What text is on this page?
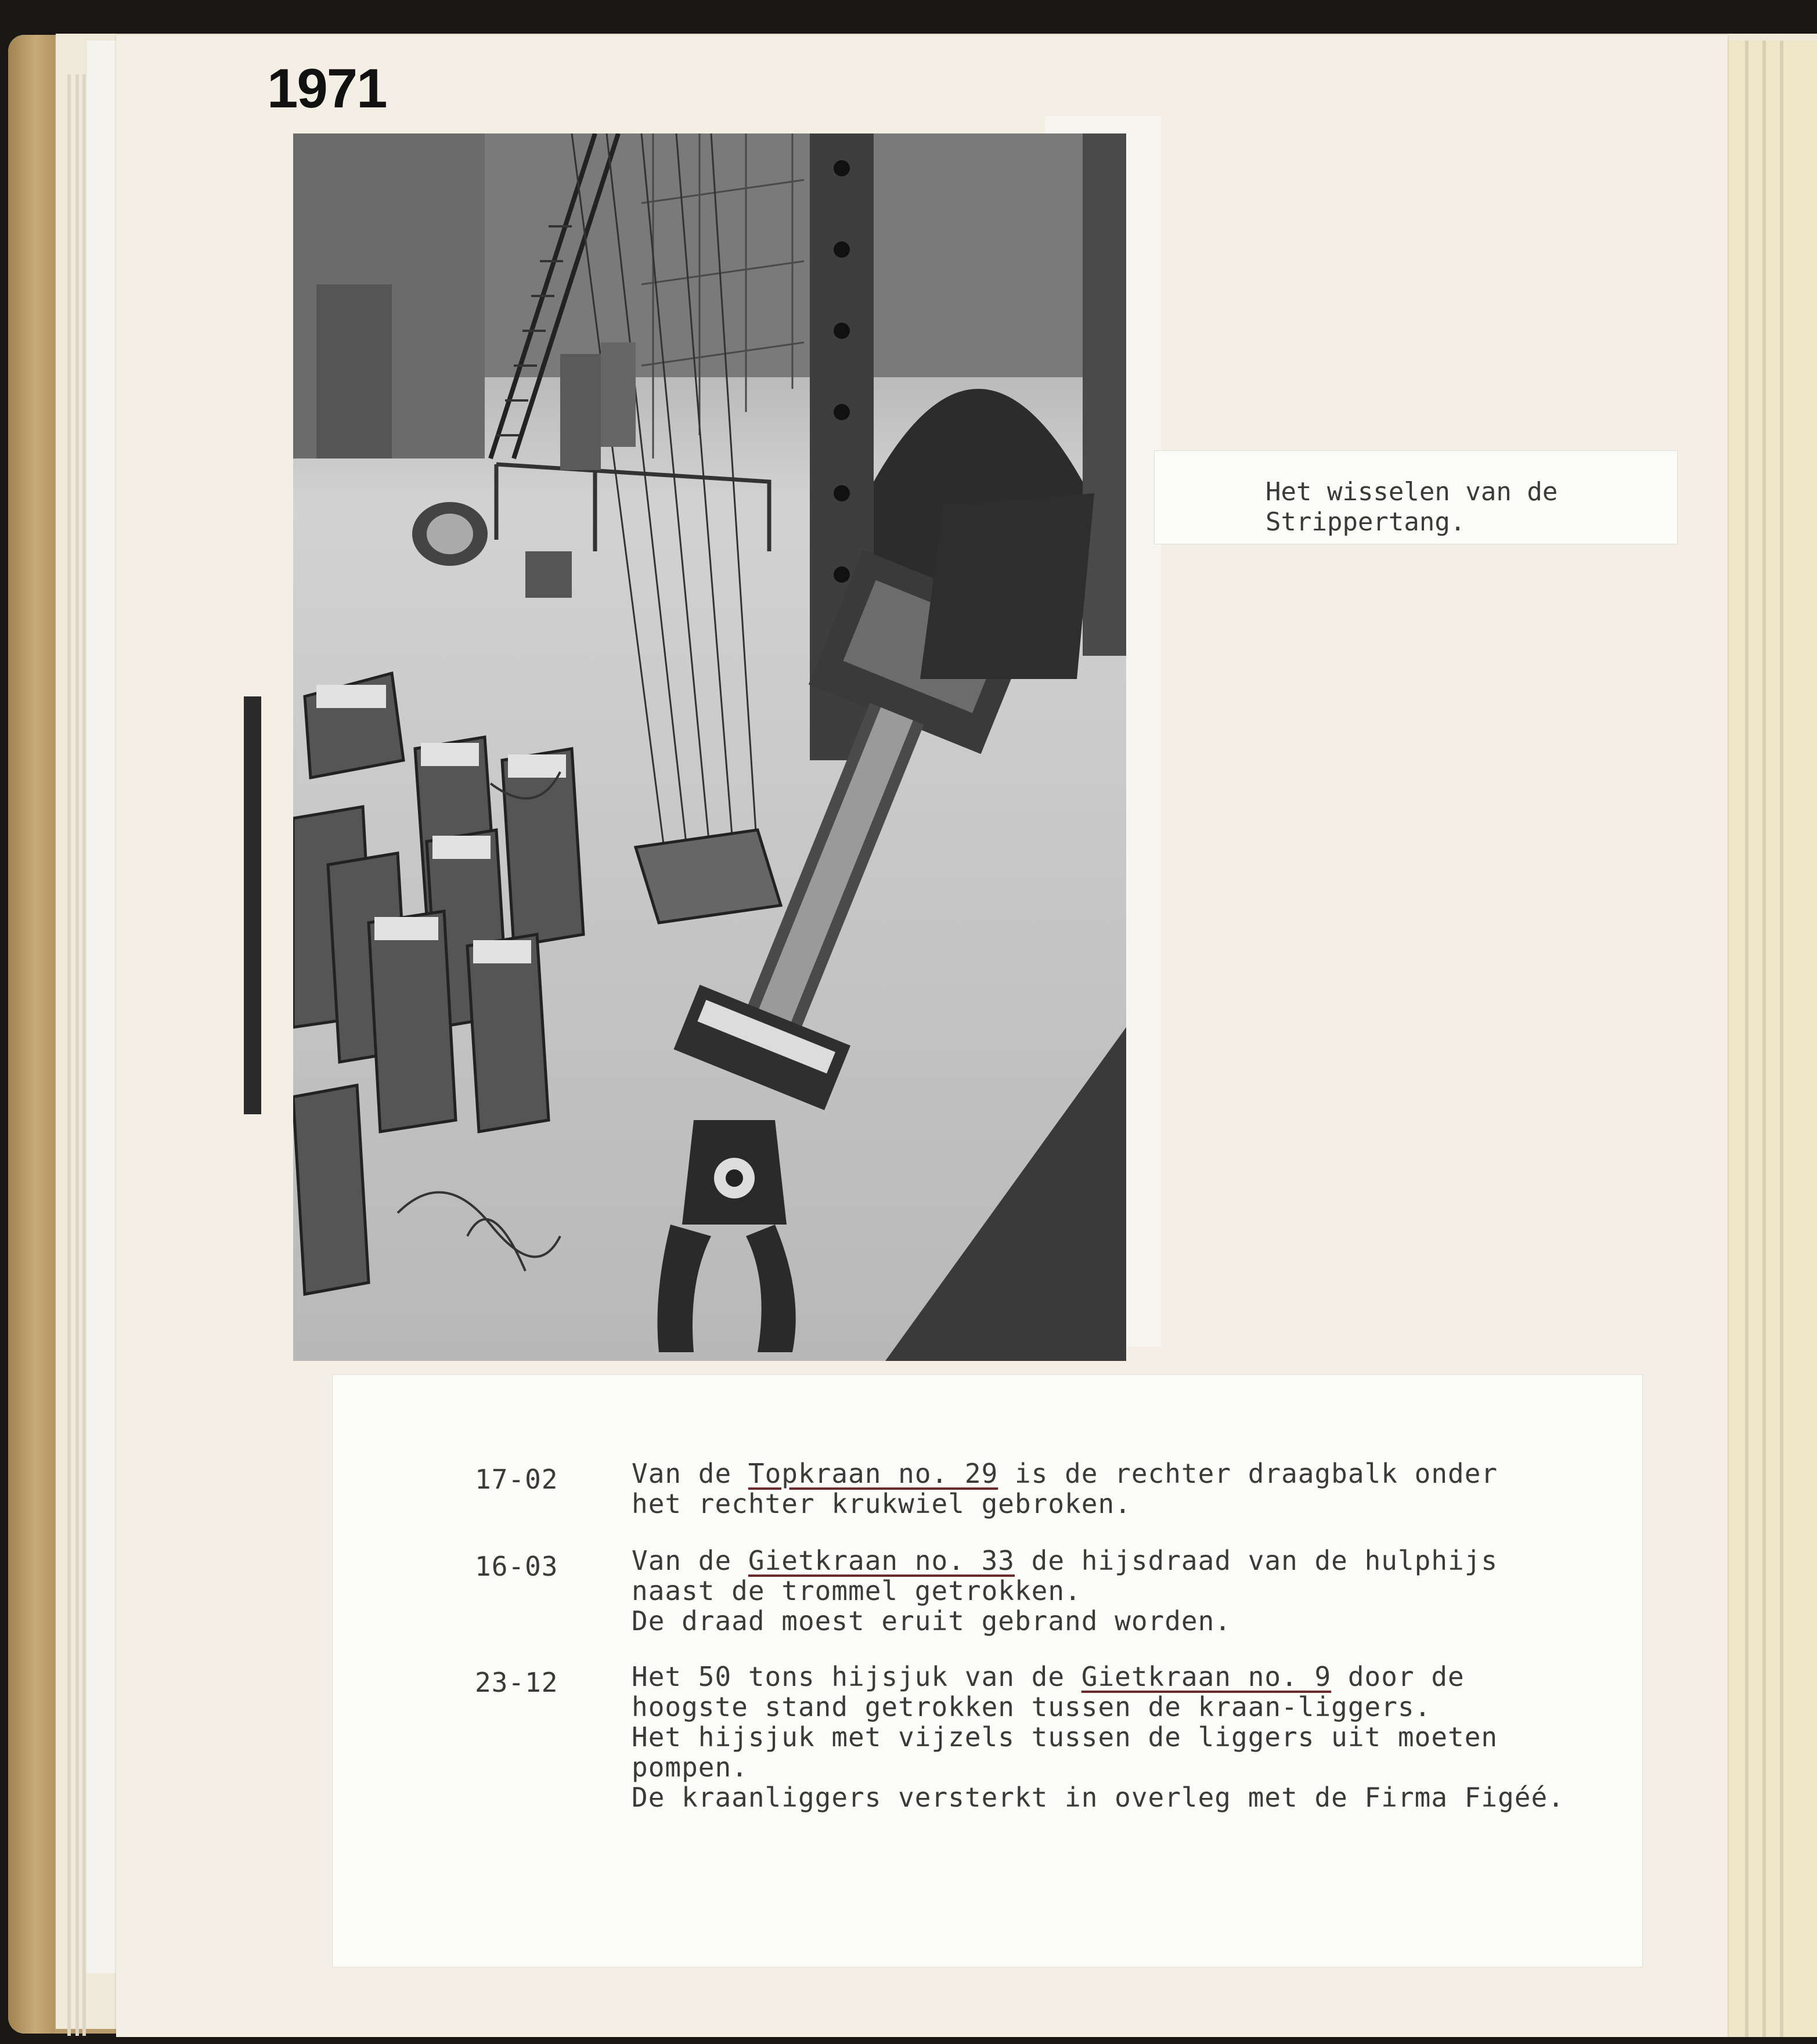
1971
Het wisselen van de
Strippertang.
17-02	Van de Topkraan no. 29 is de rechter draagbalk onder
het rechter krukwiel gebroken.
16-03	Van de Gietkraan no. 33 de hijsdraad van de hulphijs
naast de trommel getrokken.
De draad moest eruit gebrand worden.
23-12	Het 50 tons hijsjuk van de Gietkraan no. 9 door de
hoogste stand getrokken tussen de kraan-liggers.
Het hijsjuk met vijzels tussen de liggers uit moeten
pompen.
De kraanliggers versterkt in overleg met de Firma Figéé.
